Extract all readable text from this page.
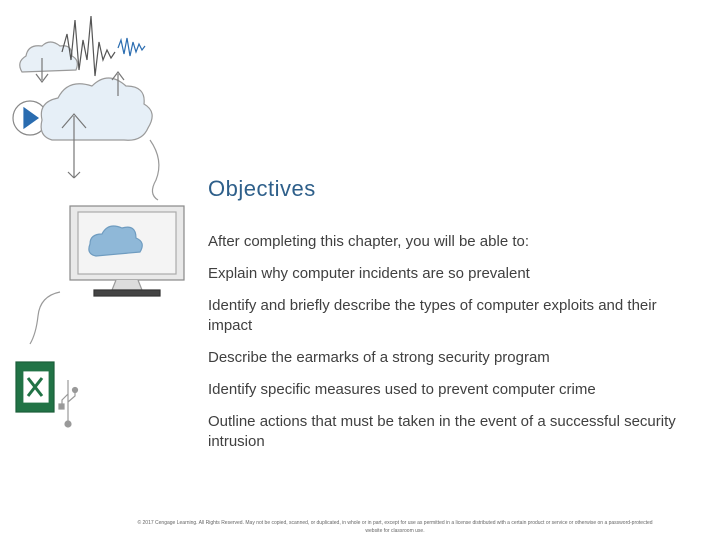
Objectives
After completing this chapter, you will be able to:
Explain why computer incidents are so prevalent
Identify and briefly describe the types of computer exploits and their impact
Describe the earmarks of a strong security program
Identify specific measures used to prevent computer crime
Outline actions that must be taken in the event of a successful security intrusion
© 2017 Cengage Learning. All Rights Reserved. May not be copied, scanned, or duplicated, in whole or in part, except for use as permitted in a license distributed with a certain product or service or otherwise on a password-protected website for classroom use.
